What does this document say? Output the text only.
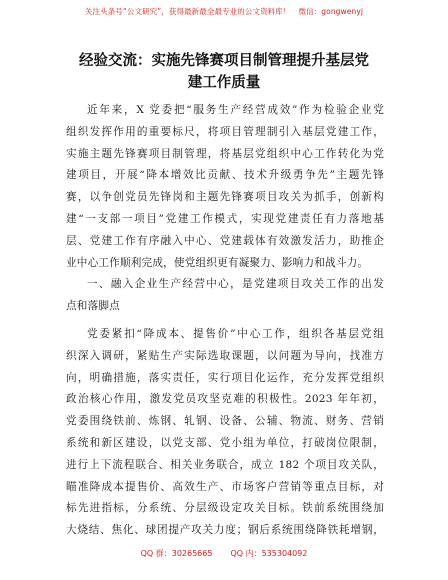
关注头条号“公文研究”，获得最新最全最专业的公文资料库！ 微信：gongwenyj
经验交流：实施先锋赛项目制管理提升基层党
建工作质量
近年来，X 党委把“服务生产经营成效”作为检验企业党
组织发挥作用的重要标尺，将项目管理制引入基层党建工作，
实施主题先锋赛项目制管理，将基层党组织中心工作转化为党
建项目，开展“降本增效比贡献、技术升级勇争先”主题先锋
赛，以争创党员先锋岗和主题先锋赛项目攻关为抓手，创新构
建“一支部一项目”党建工作模式，实现党建责任有力落地基
层、党建工作有序融入中心、党建载体有效激发活力，助推企
业中心工作顺利完成，使党组织更有凝聚力、影响力和战斗力。
一、融入企业生产经营中心，是党建项目攻关工作的出发
点和落脚点
党委紧扣“降成本、提售价”中心工作，组织各基层党组
织深入调研，紧贴生产实际选取课题，以问题为导向，找准方
向，明确措施，落实责任，实行项目化运作，充分发挥党组织
政治核心作用，激发党员攻坚克难的积极性。2023 年年初，
党委围绕铁前、炼钢、轧钢、设备、公辅、物流、财务、营销
系统和新区建设，以党支部、党小组为单位，打破岗位限制，
进行上下流程联合、相关业务联合，成立 182 个项目攻关队，
瞄准降成本提售价、高效生产、市场客户营销等重点目标，对
标先进指标，分系统、分层级设定攻关目标。铁前系统围绕加
大烧结、焦化、球团提产攻关力度；钢后系统围绕降铁耗增钢，
QQ 群：30265665 QQ 内：535304092
